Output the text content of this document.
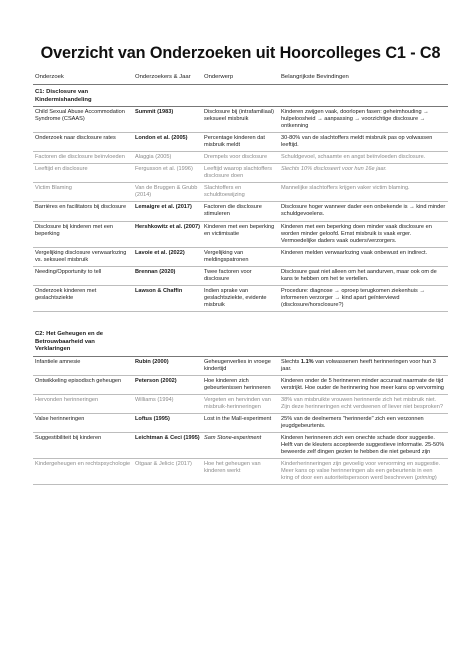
Overzicht van Onderzoeken uit Hoorcolleges C1 - C8
Onderzoek	Onderzoekers & Jaar	Onderwerp	Belangrijkste Bevindingen
C1: Disclosure van Kindermishandeling			
Child Sexual Abuse Accommodation Syndrome (CSAAS)	Summit (1983)	Disclosure bij (intrafamiliaal) seksueel misbruik	Kinderen zwijgen vaak, doorlopen fasen: geheimhouding → hulpeloosheid → aanpassing → voorzichtige disclosure → ontkenning
Onderzoek naar disclosure rates	London et al. (2005)	Percentage kinderen dat misbruik meldt	30-80% van de slachtoffers meldt misbruik pas op volwassen leeftijd.
Factoren die disclosure beïnvloeden	Alaggia (2005)	Drempels voor disclosure	Schuldgevoel, schaamte en angst beïnvloeden disclosure.
Leeftijd en disclosure	Fergusson et al. (1996)	Leeftijd waarop slachtoffers disclosure doen	Slechts 10% discloseert voor hun 16e jaar.
Victim Blaming	Van de Bruggen & Grubb (2014)	Slachtoffers en schuldtoewijzing	Mannelijke slachtoffers krijgen vaker victim blaming.
Barrières en facilitators bij disclosure	Lemaigre et al. (2017)	Factoren die disclosure stimuleren	Disclosure hoger wanneer dader een onbekende is → kind minder schuldgevoelens.
Disclosure bij kinderen met een beperking	Hershkowitz et al. (2007)	Kinderen met een beperking en victimisatie	Kinderen met een beperking doen minder vaak disclosure en worden minder geloofd. Ernst misbruik is vaak erger. Vermoedelijke daders vaak ouders/verzorgers.
Vergelijking disclosure verwaarlozing vs. seksueel misbruik	Lavoie et al. (2022)	Vergelijking van meldingspatronen	Kinderen melden verwaarlozing vaak onbewust en indirect.
Needing/Opportunity to tell	Brennan (2020)	Twee factoren voor disclosure	Disclosure gaat niet alleen om het aandurven, maar ook om de kans te hebben om het te vertellen.
Onderzoek kinderen met geslachtsziekte	Lawson & Chaffin	Indien sprake van geslachtsziekte, evidente misbruik	Procedure: diagnose → oproep terugkomen ziekenhuis → informeren verzorger → kind apart geïnterviewd (disclosure/horsclosure?)

C2: Het Geheugen en de Betrouwbaarheid van Verklaringen			
Infantiele amnesie	Rubin (2000)	Geheugenverlies in vroege kindertijd	Slechts 1.1% van volwassenen heeft herinneringen voor hun 3 jaar.
Ontwikkeling episodisch geheugen	Peterson (2002)	Hoe kinderen zich gebeurtenissen herinneren	Kinderen onder de 5 herinneren minder accuraat naarmate de tijd verstrijkt. Hoe ouder de herinnering hoe meer kans op vervorming
Hervonden herinneringen	Williams (1994)	Vergeten en hervinden van misbruik-herinneringen	38% van misbruikte vrouwen herinnerde zich het misbruik niet. Zijn deze herinneringen echt verdwenen of liever niet besproken?
Valse herinneringen	Loftus (1995)	Lost in the Mall-experiment	25% van de deelnemers "herinnerde" zich een verzonnen jeugdgebeurtenis.
Suggestibiliteit bij kinderen	Leichtman & Ceci (1995)	Sam Stone-experiment	Kinderen herinneren zich een onechte schade door suggestie. Helft van de kleuters accepteerde suggestieve informatie. 25-50% beweerde zelf dingen gezien te hebben die niet gebeurd zijn
Kindergeheugen en rechtspsychologie	Otgaar & Jelicic (2017)	Hoe het geheugen van kinderen werkt	Kinderherinneringen zijn gevoelig voor vervorming en suggestie. Meer kans op valse herinneringen als een gebeurtenis in een kring of door een autoriteitspersoon werd beschreven (priming)
